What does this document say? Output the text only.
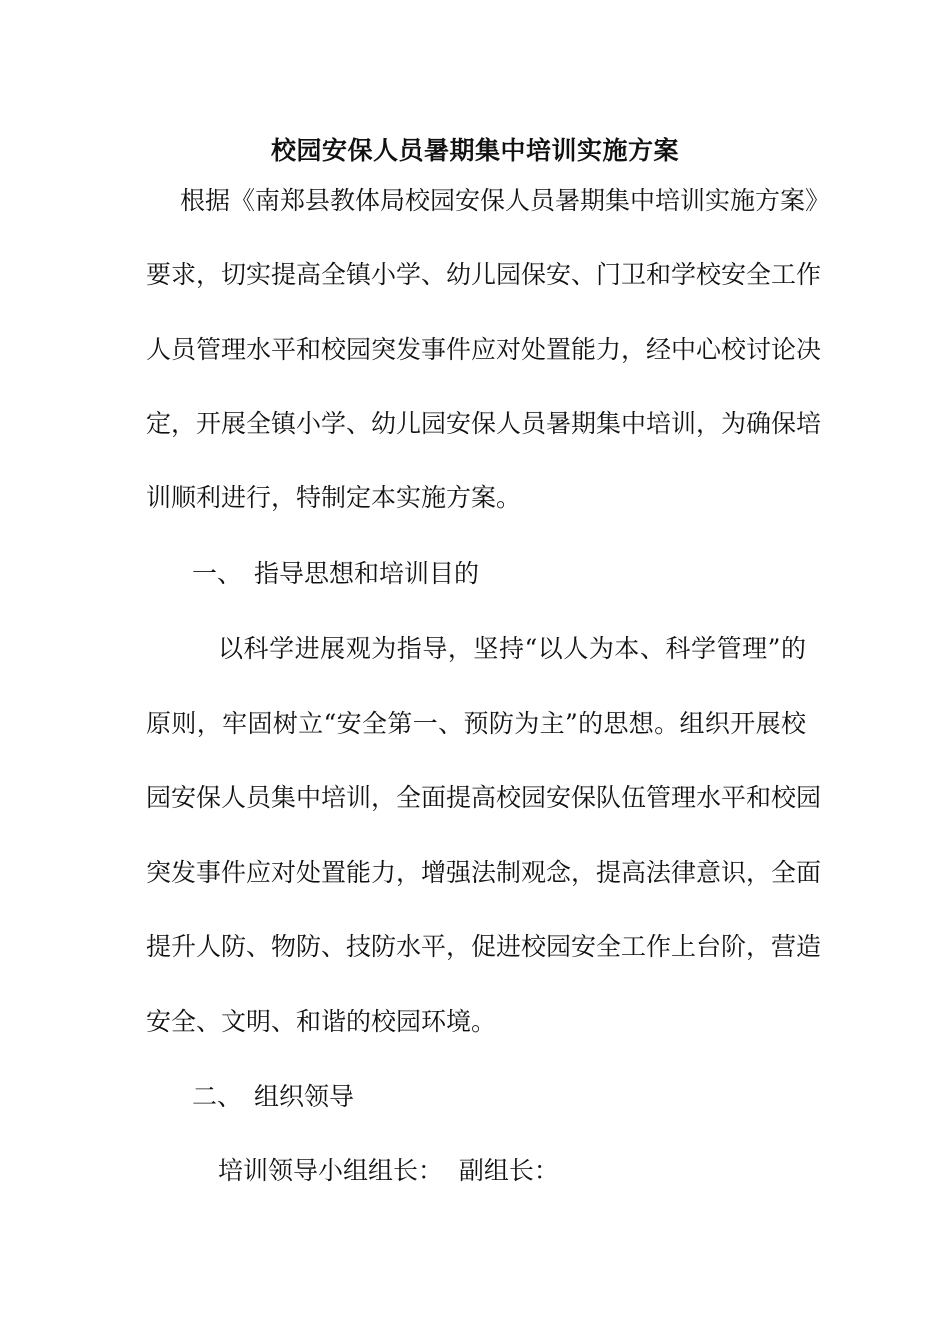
校园安保人员暑期集中培训实施方案

根据《南郑县教体局校园安保人员暑期集中培训实施方案》

要求，切实提高全镇小学、幼儿园保安、门卫和学校安全工作

人员管理水平和校园突发事件应对处置能力，经中心校讨论决

定，开展全镇小学、幼儿园安保人员暑期集中培训，为确保培

训顺利进行，特制定本实施方案。

一、 指导思想和培训目的

以科学进展观为指导，坚持“以人为本、科学管理”的

原则，牢固树立“安全第一、预防为主”的思想。组织开展校

园安保人员集中培训，全面提高校园安保队伍管理水平和校园

突发事件应对处置能力，增强法制观念，提高法律意识，全面

提升人防、物防、技防水平，促进校园安全工作上台阶，营造

安全、文明、和谐的校园环境。

二、 组织领导

培训领导小组组长：  副组长：
